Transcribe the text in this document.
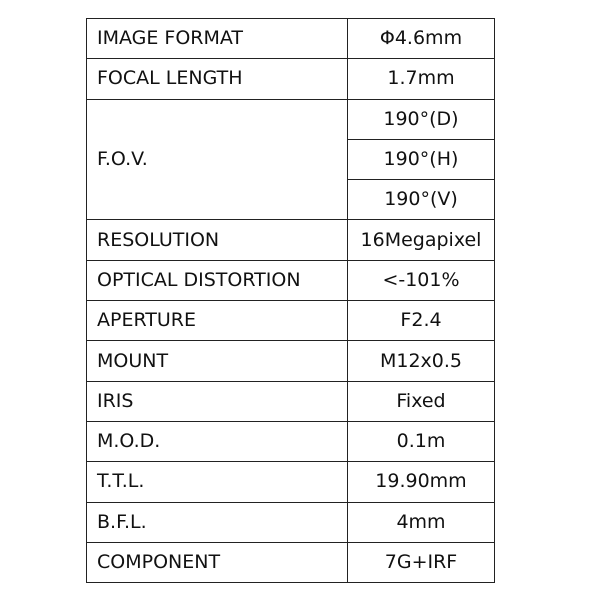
IMAGE FORMAT	Φ4.6mm
FOCAL LENGTH	1.7mm
F.O.V.	190°(D)
	190°(H)
	190°(V)
RESOLUTION	16Megapixel
OPTICAL DISTORTION	<-101%
APERTURE	F2.4
MOUNT	M12x0.5
IRIS	Fixed
M.O.D.	0.1m
T.T.L.	19.90mm
B.F.L.	4mm
COMPONENT	7G+IRF
